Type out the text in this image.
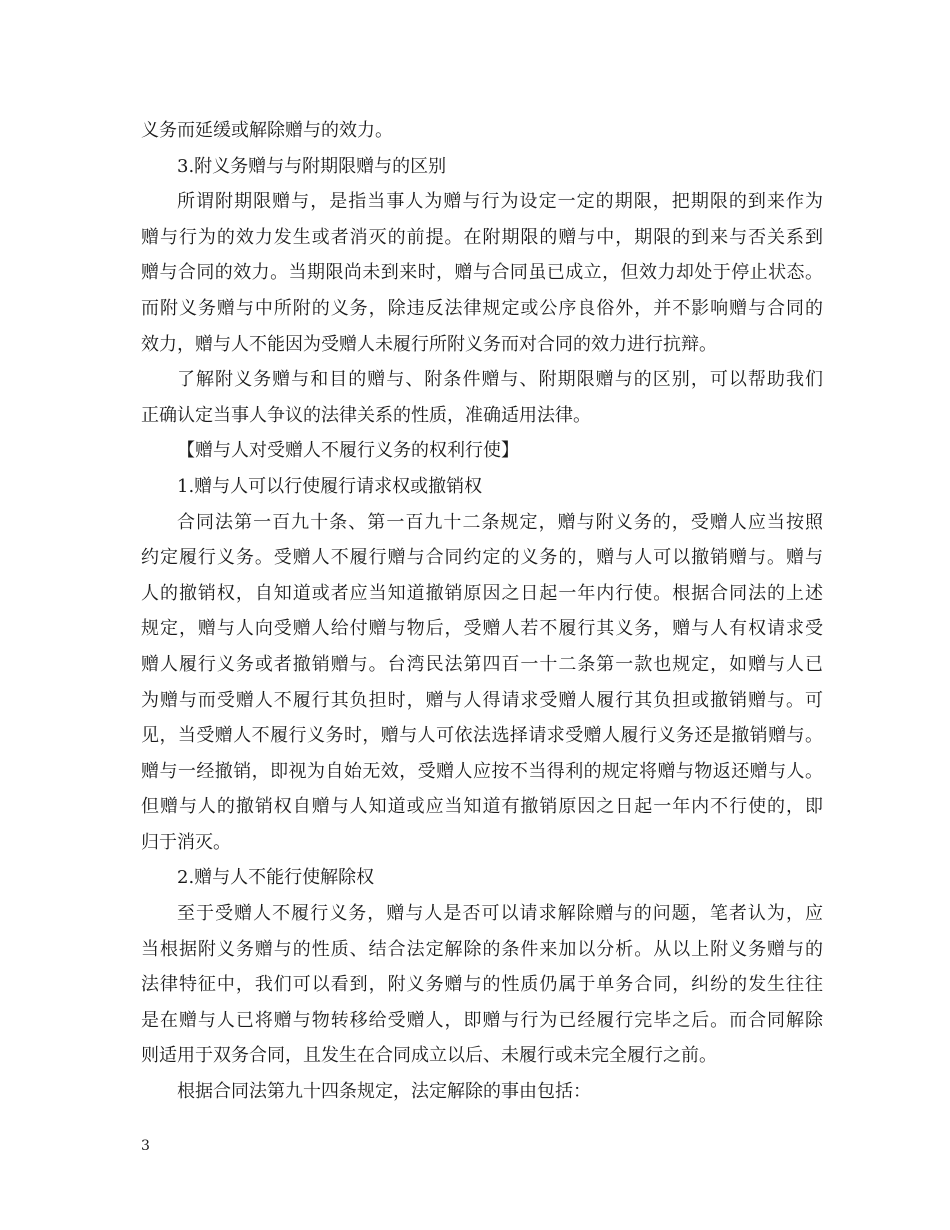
义务而延缓或解除赠与的效力。
3.附义务赠与与附期限赠与的区别
所谓附期限赠与，是指当事人为赠与行为设定一定的期限，把期限的到来作为
赠与行为的效力发生或者消灭的前提。在附期限的赠与中，期限的到来与否关系到
赠与合同的效力。当期限尚未到来时，赠与合同虽已成立，但效力却处于停止状态。
而附义务赠与中所附的义务，除违反法律规定或公序良俗外，并不影响赠与合同的
效力，赠与人不能因为受赠人未履行所附义务而对合同的效力进行抗辩。
了解附义务赠与和目的赠与、附条件赠与、附期限赠与的区别，可以帮助我们
正确认定当事人争议的法律关系的性质，准确适用法律。
【赠与人对受赠人不履行义务的权利行使】
1.赠与人可以行使履行请求权或撤销权
合同法第一百九十条、第一百九十二条规定，赠与附义务的，受赠人应当按照
约定履行义务。受赠人不履行赠与合同约定的义务的，赠与人可以撤销赠与。赠与
人的撤销权，自知道或者应当知道撤销原因之日起一年内行使。根据合同法的上述
规定，赠与人向受赠人给付赠与物后，受赠人若不履行其义务，赠与人有权请求受
赠人履行义务或者撤销赠与。台湾民法第四百一十二条第一款也规定，如赠与人已
为赠与而受赠人不履行其负担时，赠与人得请求受赠人履行其负担或撤销赠与。可
见，当受赠人不履行义务时，赠与人可依法选择请求受赠人履行义务还是撤销赠与。
赠与一经撤销，即视为自始无效，受赠人应按不当得利的规定将赠与物返还赠与人。
但赠与人的撤销权自赠与人知道或应当知道有撤销原因之日起一年内不行使的，即
归于消灭。
2.赠与人不能行使解除权
至于受赠人不履行义务，赠与人是否可以请求解除赠与的问题，笔者认为，应
当根据附义务赠与的性质、结合法定解除的条件来加以分析。从以上附义务赠与的
法律特征中，我们可以看到，附义务赠与的性质仍属于单务合同，纠纷的发生往往
是在赠与人已将赠与物转移给受赠人，即赠与行为已经履行完毕之后。而合同解除
则适用于双务合同，且发生在合同成立以后、未履行或未完全履行之前。
根据合同法第九十四条规定，法定解除的事由包括：
3
